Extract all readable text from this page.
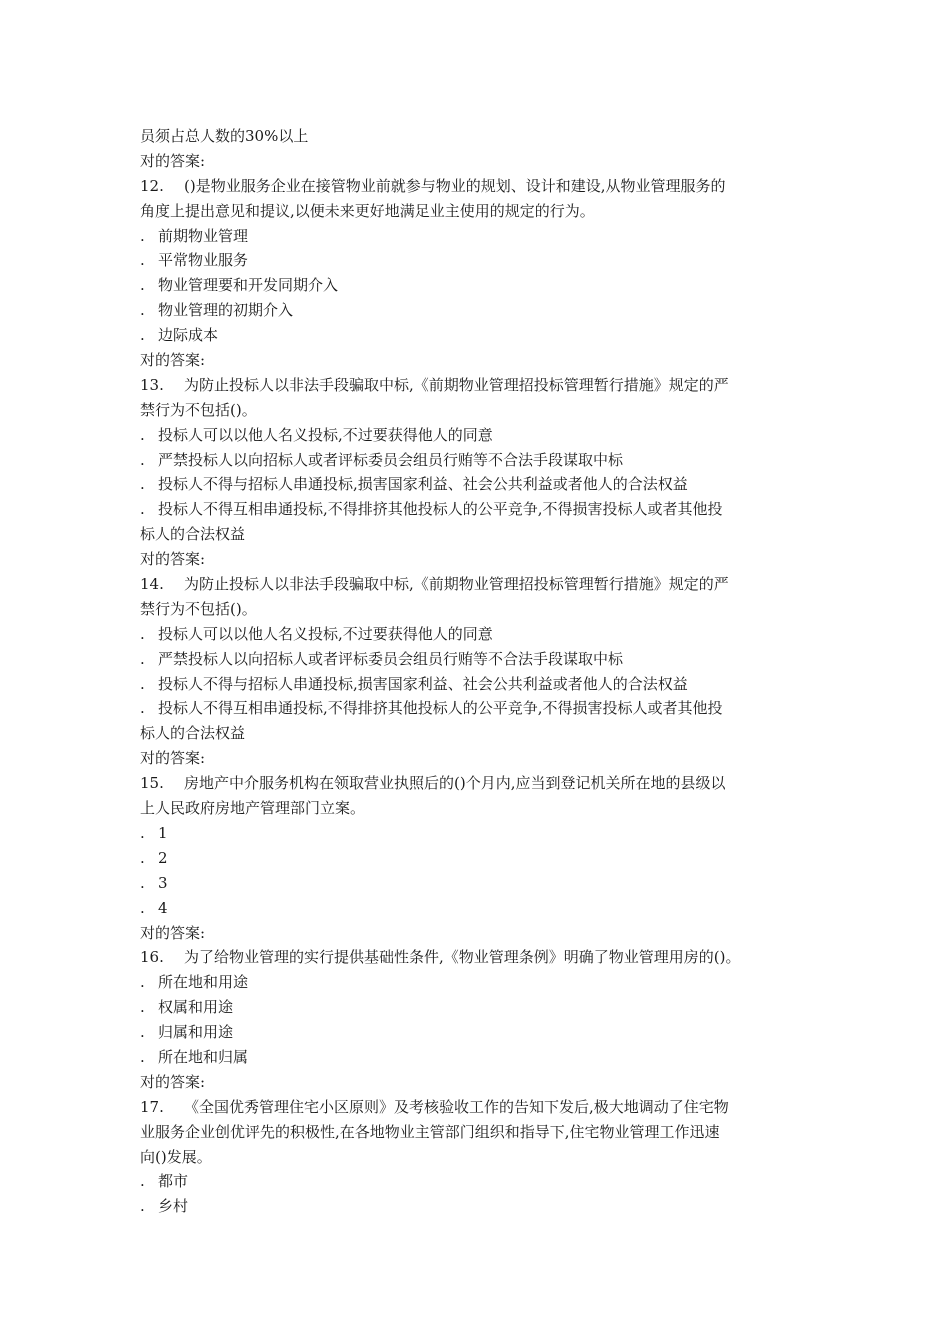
员须占总人数的30%以上
对的答案:
12. ()是物业服务企业在接管物业前就参与物业的规划、设计和建设,从物业管理服务的
角度上提出意见和提议,以便未来更好地满足业主使用的规定的行为。
. 前期物业管理
. 平常物业服务
. 物业管理要和开发同期介入
. 物业管理的初期介入
. 边际成本
对的答案:
13. 为防止投标人以非法手段骗取中标,《前期物业管理招投标管理暂行措施》规定的严
禁行为不包括()。
. 投标人可以以他人名义投标,不过要获得他人的同意
. 严禁投标人以向招标人或者评标委员会组员行贿等不合法手段谋取中标
. 投标人不得与招标人串通投标,损害国家利益、社会公共利益或者他人的合法权益
. 投标人不得互相串通投标,不得排挤其他投标人的公平竞争,不得损害投标人或者其他投
标人的合法权益
对的答案:
14. 为防止投标人以非法手段骗取中标,《前期物业管理招投标管理暂行措施》规定的严
禁行为不包括()。
. 投标人可以以他人名义投标,不过要获得他人的同意
. 严禁投标人以向招标人或者评标委员会组员行贿等不合法手段谋取中标
. 投标人不得与招标人串通投标,损害国家利益、社会公共利益或者他人的合法权益
. 投标人不得互相串通投标,不得排挤其他投标人的公平竞争,不得损害投标人或者其他投
标人的合法权益
对的答案:
15. 房地产中介服务机构在领取营业执照后的()个月内,应当到登记机关所在地的县级以
上人民政府房地产管理部门立案。
. 1
. 2
. 3
. 4
对的答案:
16. 为了给物业管理的实行提供基础性条件,《物业管理条例》明确了物业管理用房的()。
. 所在地和用途
. 权属和用途
. 归属和用途
. 所在地和归属
对的答案:
17. 《全国优秀管理住宅小区原则》及考核验收工作的告知下发后,极大地调动了住宅物
业服务企业创优评先的积极性,在各地物业主管部门组织和指导下,住宅物业管理工作迅速
向()发展。
. 都市
. 乡村
